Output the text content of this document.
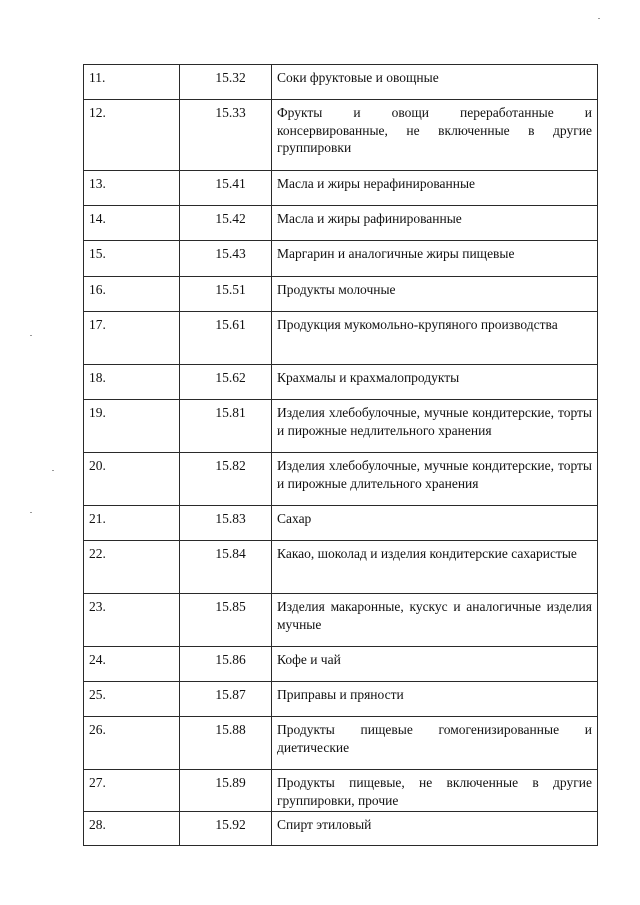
11.	15.32	Соки фруктовые и овощные
12.	15.33	Фрукты и овощи переработанные и консервированные, не включенные в другие группировки
13.	15.41	Масла и жиры нерафинированные
14.	15.42	Масла и жиры рафинированные
15.	15.43	Маргарин и аналогичные жиры пищевые
16.	15.51	Продукты молочные
17.	15.61	Продукция мукомольно-крупяного производства
18.	15.62	Крахмалы и крахмалопродукты
19.	15.81	Изделия хлебобулочные, мучные кондитерские, торты и пирожные недлительного хранения
20.	15.82	Изделия хлебобулочные, мучные кондитерские, торты и пирожные длительного хранения
21.	15.83	Сахар
22.	15.84	Какао, шоколад и изделия кондитерские сахаристые
23.	15.85	Изделия макаронные, кускус и аналогичные изделия мучные
24.	15.86	Кофе и чай
25.	15.87	Приправы и пряности
26.	15.88	Продукты пищевые гомогенизированные и диетические
27.	15.89	Продукты пищевые, не включенные в другие группировки, прочие
28.	15.92	Спирт этиловый
